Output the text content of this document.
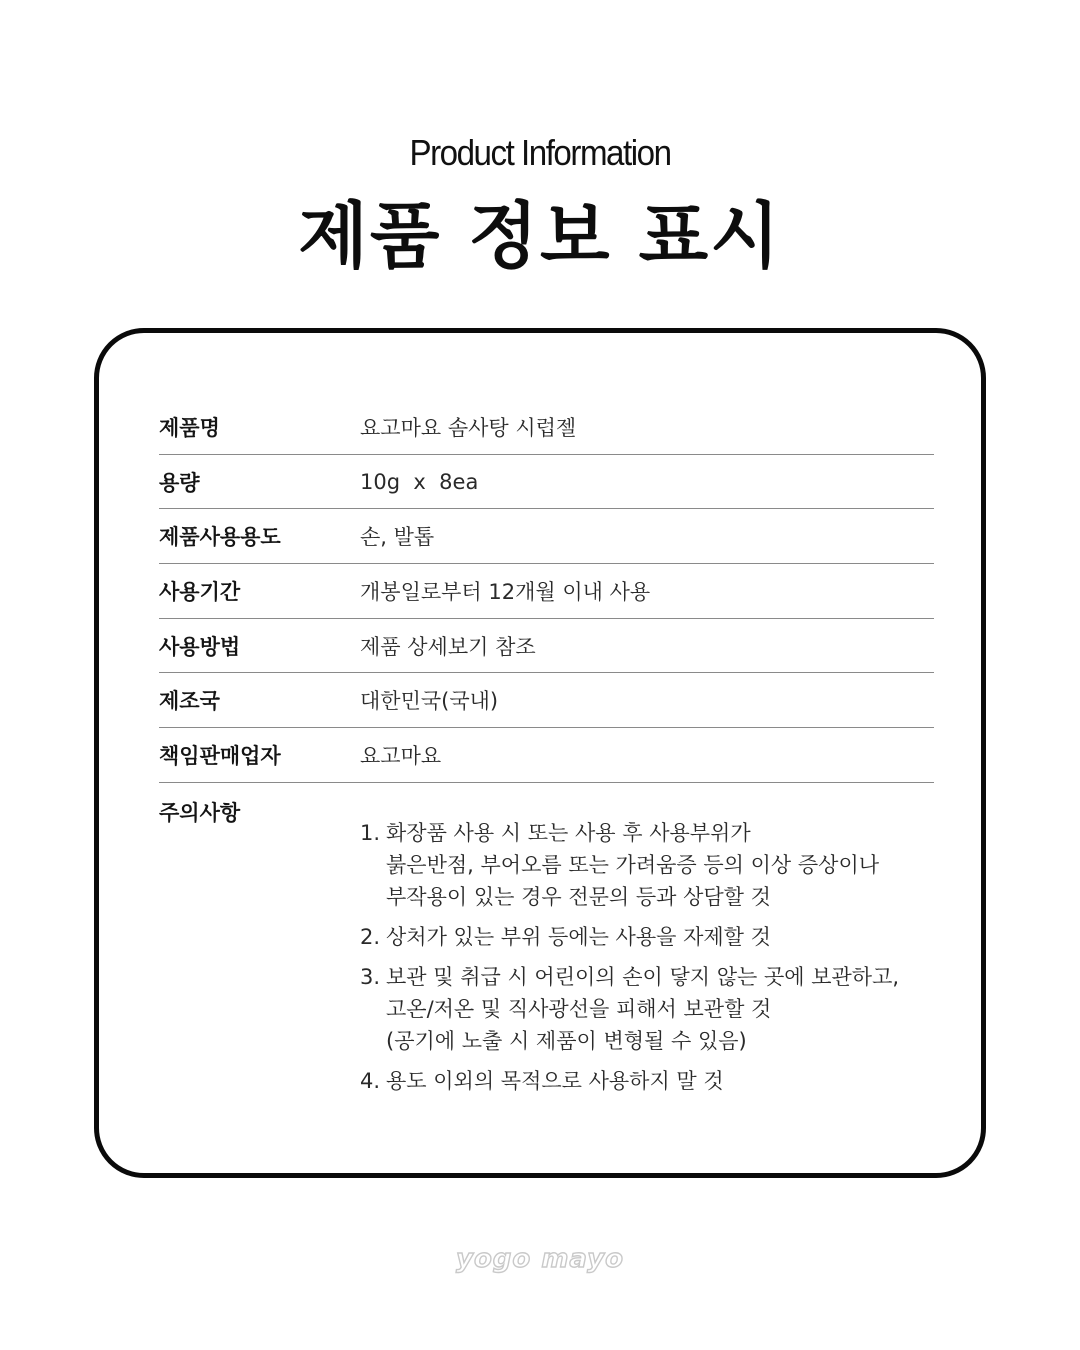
Product Information
제품 정보 표시
제품명	요고마요 솜사탕 시럽젤
용량	10g  x  8ea
제품사용용도	손, 발톱
사용기간	개봉일로부터 12개월 이내 사용
사용방법	제품 상세보기 참조
제조국	대한민국(국내)
책임판매업자	요고마요
주의사항
1. 화장품 사용 시 또는 사용 후 사용부위가
붉은반점, 부어오름 또는 가려움증 등의 이상 증상이나
부작용이 있는 경우 전문의 등과 상담할 것
2. 상처가 있는 부위 등에는 사용을 자제할 것
3. 보관 및 취급 시 어린이의 손이 닿지 않는 곳에 보관하고,
고온/저온 및 직사광선을 피해서 보관할 것
(공기에 노출 시 제품이 변형될 수 있음)
4. 용도 이외의 목적으로 사용하지 말 것
yogo mayo
